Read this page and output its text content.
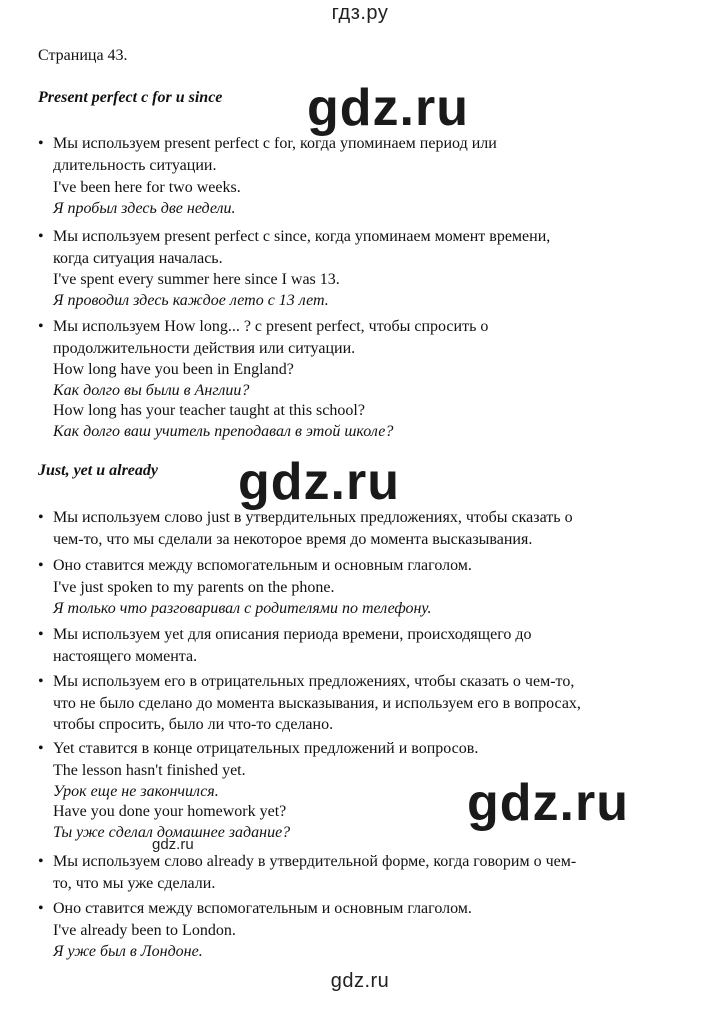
гдз.ру
Страница 43.
Present perfect с for и since gdz.ru
• Мы используем present perfect с for, когда упоминаем период или
длительность ситуации.
I've been here for two weeks.
Я пробыл здесь две недели.
• Мы используем present perfect с since, когда упоминаем момент времени,
когда ситуация началась.
I've spent every summer here since I was 13.
Я проводил здесь каждое лето с 13 лет.
• Мы используем How long... ? с present perfect, чтобы спросить о
продолжительности действия или ситуации.
How long have you been in England?
Как долго вы были в Англии?
How long has your teacher taught at this school?
Как долго ваш учитель преподавал в этой школе?
Just, yet и already gdz.ru
• Мы используем слово just в утвердительных предложениях, чтобы сказать о
чем-то, что мы сделали за некоторое время до момента высказывания.
• Оно ставится между вспомогательным и основным глаголом.
I've just spoken to my parents on the phone.
Я только что разговаривал с родителями по телефону.
• Мы используем yet для описания периода времени, происходящего до
настоящего момента.
• Мы используем его в отрицательных предложениях, чтобы сказать о чем-то,
что не было сделано до момента высказывания, и используем его в вопросах,
чтобы спросить, было ли что-то сделано.
• Yet ставится в конце отрицательных предложений и вопросов.
The lesson hasn't finished yet.
Урок еще не закончился.
Have you done your homework yet?
Ты уже сделал домашнее задание?
gdz.ru
gdz.ru
• Мы используем слово already в утвердительной форме, когда говорим о чем-
то, что мы уже сделали.
• Оно ставится между вспомогательным и основным глаголом.
I've already been to London.
Я уже был в Лондоне.
gdz.ru
